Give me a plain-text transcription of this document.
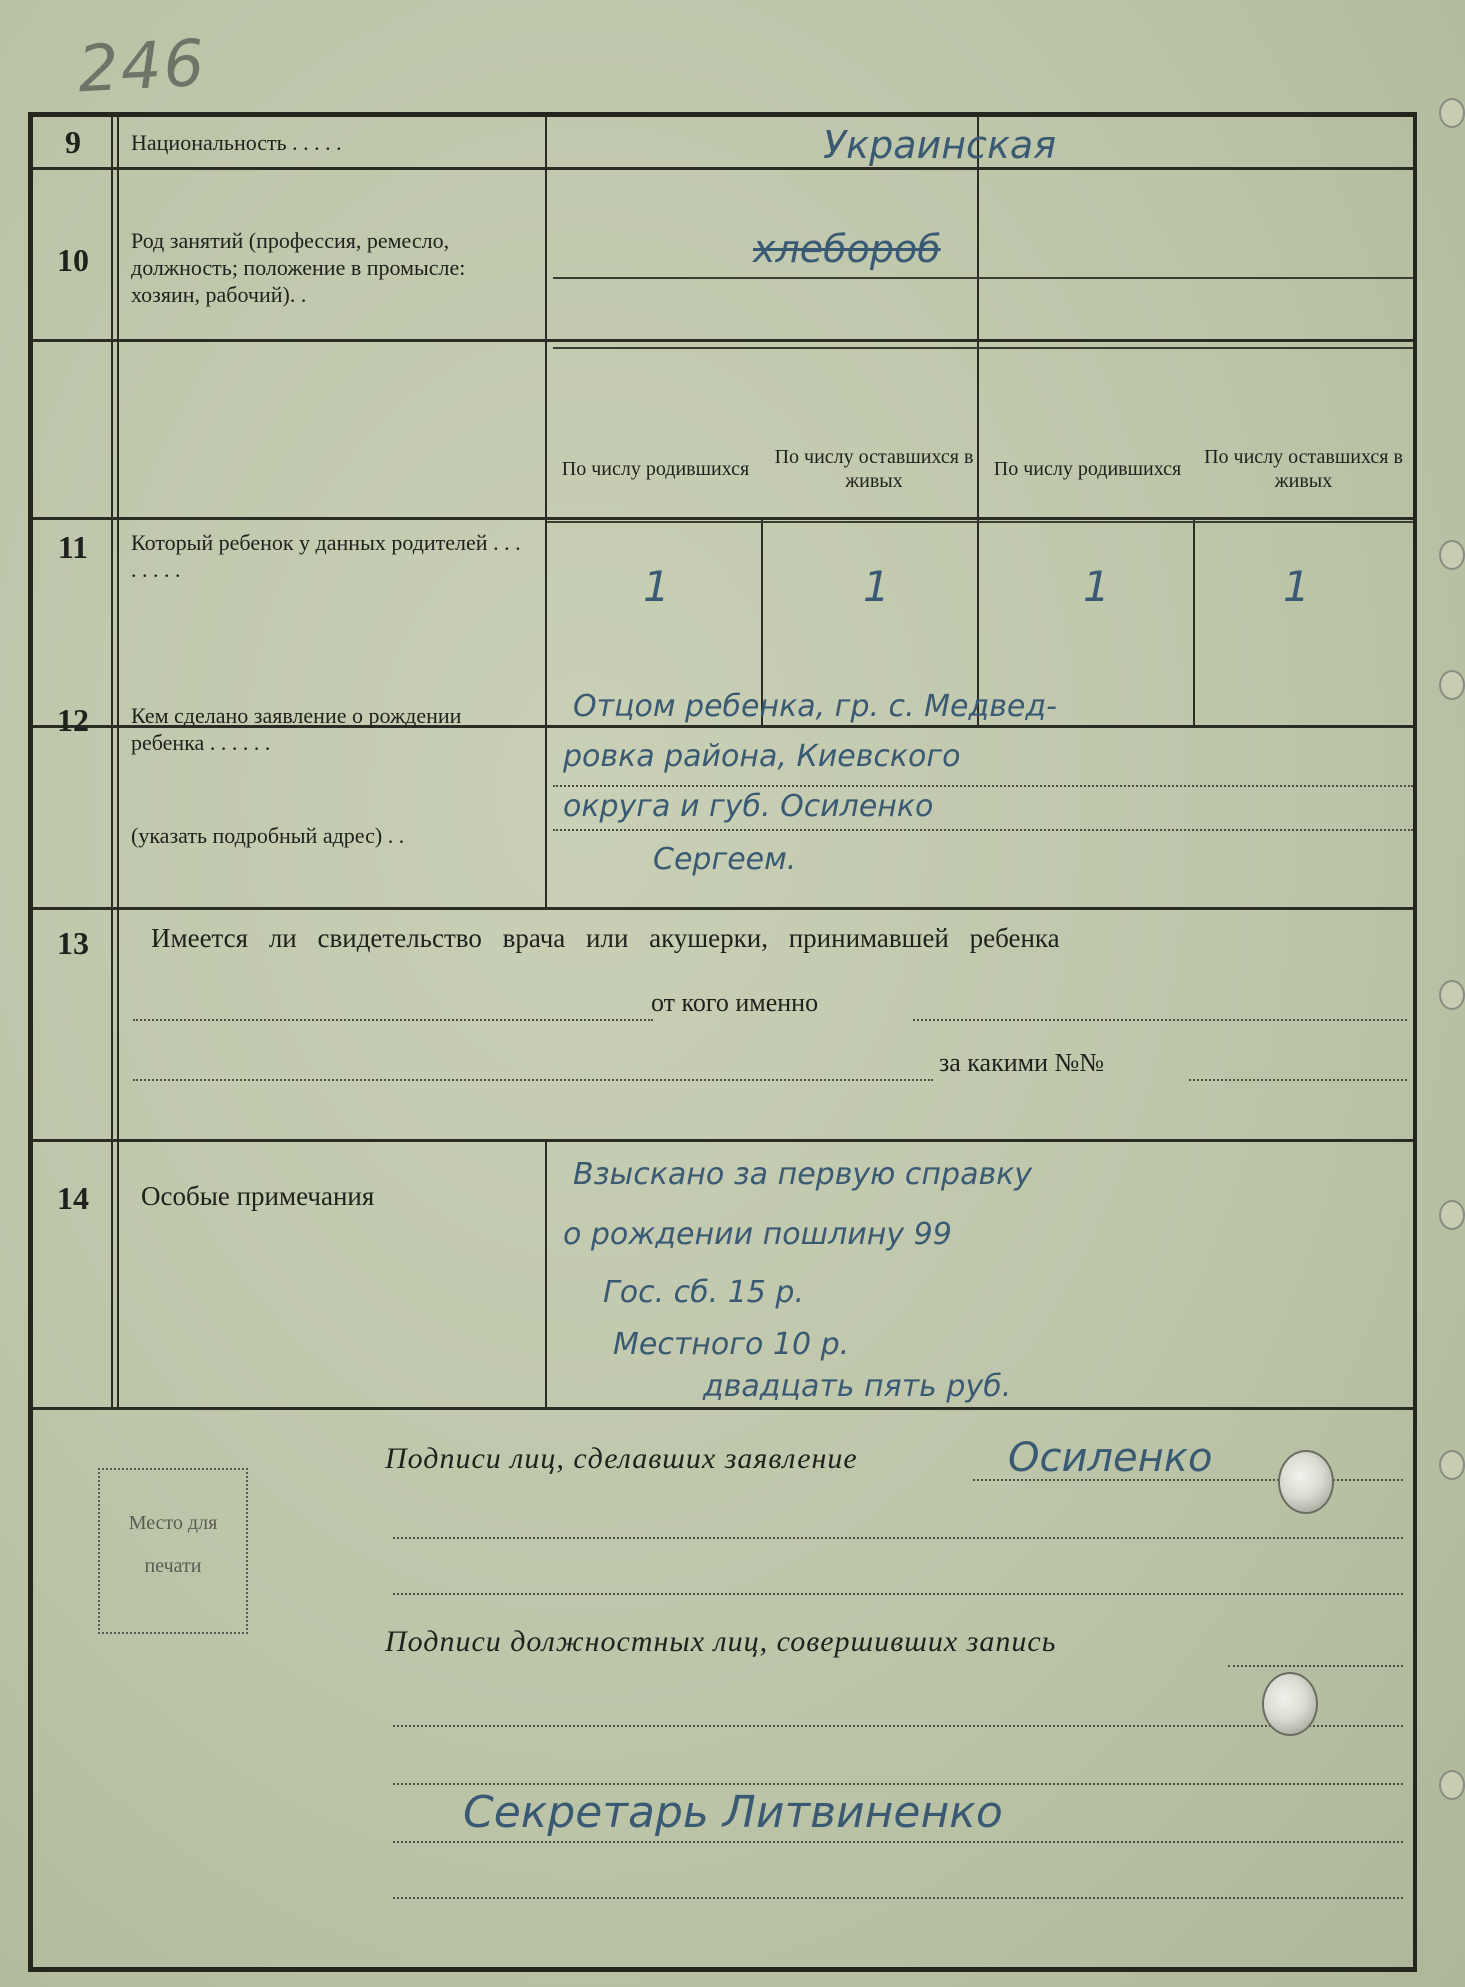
246
9	Национальность . . . . .	Украинская
10
Род занятий (профессия, ремесло, должность; положение в промысле: хозяин, рабочий). .
хлебороб
11	Который ребенок у данных родителей . . . . . . . .
По числу родившихся
По числу оставшихся в живых
По числу родившихся
По числу оставшихся в живых
1	1	1	1
12	Кем сделано заявление о рождении ребенка . . . . . .
(указать подробный адрес) . .
Отцом ребенка, гр. с. Медвед-
ровка района, Киевского
округа и губ. Осиленко
Сергеем.
13	Имеется ли свидетельство врача или акушерки, принимавшей ребенка
от кого именно
за какими №№
14	Особые примечания
Взыскано за первую справку
о рождении пошлину 99
Гос. сб. 15 р.
Местного 10 р.
двадцать пять руб.
Подписи лиц, сделавших заявление	Осиленко
Подписи должностных лиц, совершивших запись
Секретарь Литвиненко
Место для
печати
